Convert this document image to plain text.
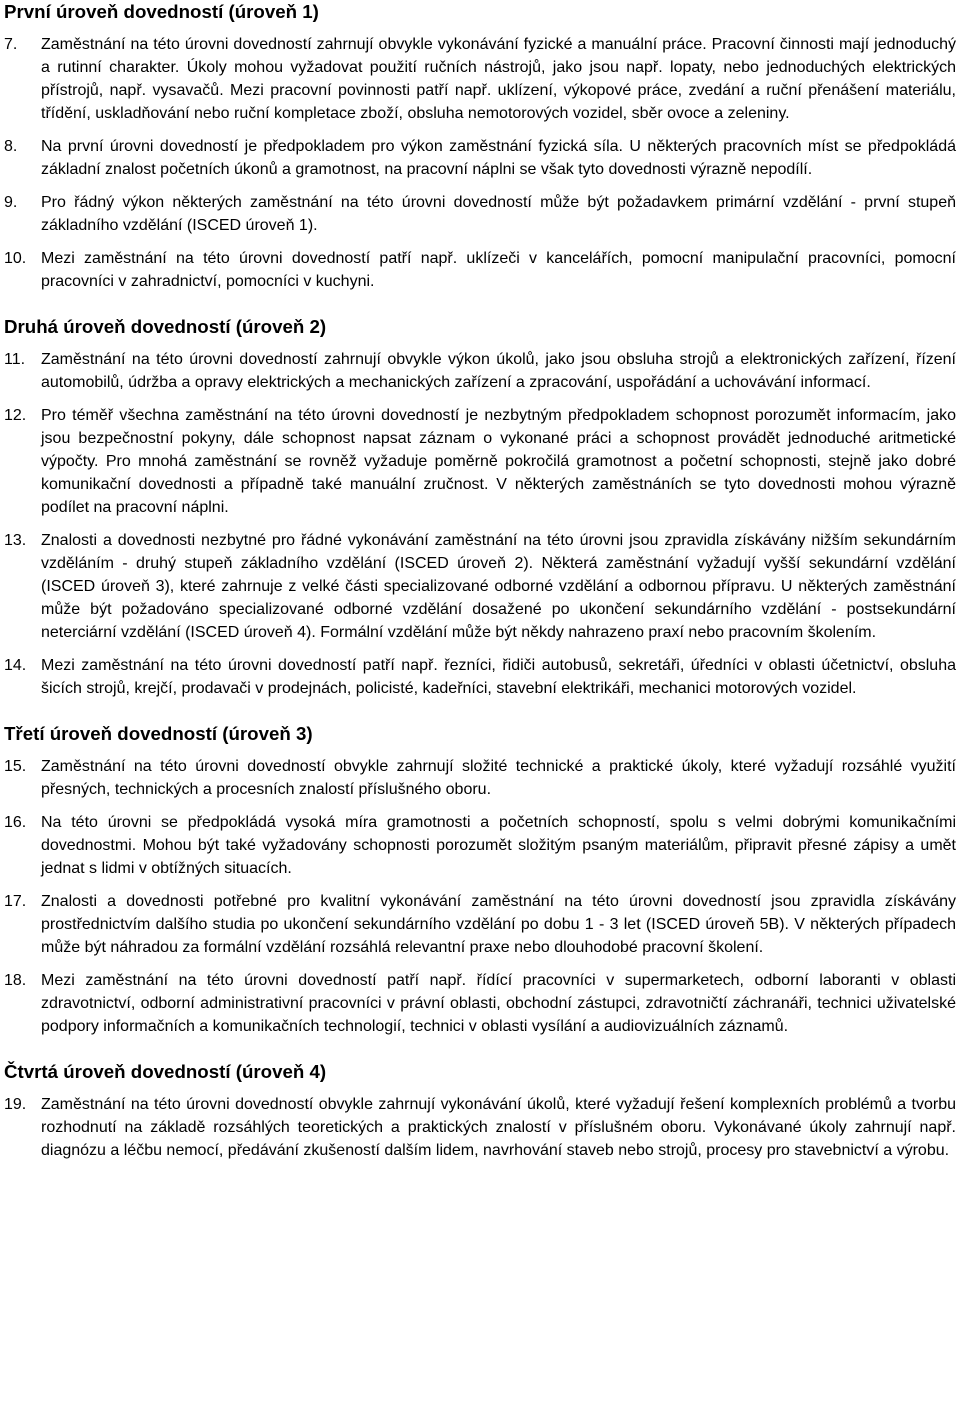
První úroveň dovedností (úroveň 1)
7.	Zaměstnání na této úrovni dovedností zahrnují obvykle vykonávání fyzické a manuální práce. Pracovní činnosti mají jednoduchý a rutinní charakter. Úkoly mohou vyžadovat použití ručních nástrojů, jako jsou např. lopaty, nebo jednoduchých elektrických přístrojů, např. vysavačů. Mezi pracovní povinnosti patří např. uklízení, výkopové práce, zvedání a ruční přenášení materiálu, třídění, uskladňování nebo ruční kompletace zboží, obsluha nemotorových vozidel, sběr ovoce a zeleniny.
8.	Na první úrovni dovedností je předpokladem pro výkon zaměstnání fyzická síla. U některých pracovních míst se předpokládá základní znalost početních úkonů a gramotnost, na pracovní náplni se však tyto dovednosti výrazně nepodílí.
9.	Pro řádný výkon některých zaměstnání na této úrovni dovedností může být požadavkem primární vzdělání - první stupeň základního vzdělání (ISCED úroveň 1).
10. Mezi zaměstnání na této úrovni dovedností patří např. uklízeči v kancelářích, pomocní manipulační pracovníci, pomocní pracovníci v zahradnictví, pomocníci v kuchyni.
Druhá úroveň dovedností (úroveň 2)
11. Zaměstnání na této úrovni dovedností zahrnují obvykle výkon úkolů, jako jsou obsluha strojů a elektronických zařízení, řízení automobilů, údržba a opravy elektrických a mechanických zařízení a zpracování, uspořádání a uchovávání informací.
12. Pro téměř všechna zaměstnání na této úrovni dovedností je nezbytným předpokladem schopnost porozumět informacím, jako jsou bezpečnostní pokyny, dále schopnost napsat záznam o vykonané práci a schopnost provádět jednoduché aritmetické výpočty. Pro mnohá zaměstnání se rovněž vyžaduje poměrně pokročilá gramotnost a početní schopnosti, stejně jako dobré komunikační dovednosti a případně také manuální zručnost. V některých zaměstnáních se tyto dovednosti mohou výrazně podílet na pracovní náplni.
13. Znalosti a dovednosti nezbytné pro řádné vykonávání zaměstnání na této úrovni jsou zpravidla získávány nižším sekundárním vzděláním - druhý stupeň základního vzdělání (ISCED úroveň 2). Některá zaměstnání vyžadují vyšší sekundární vzdělání (ISCED úroveň 3), které zahrnuje z velké části specializované odborné vzdělání a odbornou přípravu. U některých zaměstnání může být požadováno specializované odborné vzdělání dosažené po ukončení sekundárního vzdělání - postsekundární neterciární vzdělání (ISCED úroveň 4). Formální vzdělání může být někdy nahrazeno praxí nebo pracovním školením.
14. Mezi zaměstnání na této úrovni dovedností patří např. řezníci, řidiči autobusů, sekretáři, úředníci v oblasti účetnictví, obsluha šicích strojů, krejčí, prodavači v prodejnách, policisté, kadeřníci, stavební elektrikáři, mechanici motorových vozidel.
Třetí úroveň dovedností (úroveň 3)
15. Zaměstnání na této úrovni dovedností obvykle zahrnují složité technické a praktické úkoly, které vyžadují rozsáhlé využití přesných, technických a procesních znalostí příslušného oboru.
16. Na této úrovni se předpokládá vysoká míra gramotnosti a početních schopností, spolu s velmi dobrými komunikačními dovednostmi. Mohou být také vyžadovány schopnosti porozumět složitým psaným materiálům, připravit přesné zápisy a umět jednat s lidmi v obtížných situacích.
17. Znalosti a dovednosti potřebné pro kvalitní vykonávání zaměstnání na této úrovni dovedností jsou zpravidla získávány prostřednictvím dalšího studia po ukončení sekundárního vzdělání po dobu 1 - 3 let (ISCED úroveň 5B). V některých případech může být náhradou za formální vzdělání rozsáhlá relevantní praxe nebo dlouhodobé pracovní školení.
18. Mezi zaměstnání na této úrovni dovedností patří např. řídící pracovníci v supermarketech, odborní laboranti v oblasti zdravotnictví, odborní administrativní pracovníci v právní oblasti, obchodní zástupci, zdravotničtí záchranáři, technici uživatelské podpory informačních a komunikačních technologií, technici v oblasti vysílání a audiovizuálních záznamů.
Čtvrtá úroveň dovedností (úroveň 4)
19. Zaměstnání na této úrovni dovedností obvykle zahrnují vykonávání úkolů, které vyžadují řešení komplexních problémů a tvorbu rozhodnutí na základě rozsáhlých teoretických a praktických znalostí v příslušném oboru. Vykonávané úkoly zahrnují např. diagnózu a léčbu nemocí, předávání zkušeností dalším lidem, navrhování staveb nebo strojů, procesy pro stavebnictví a výrobu.
